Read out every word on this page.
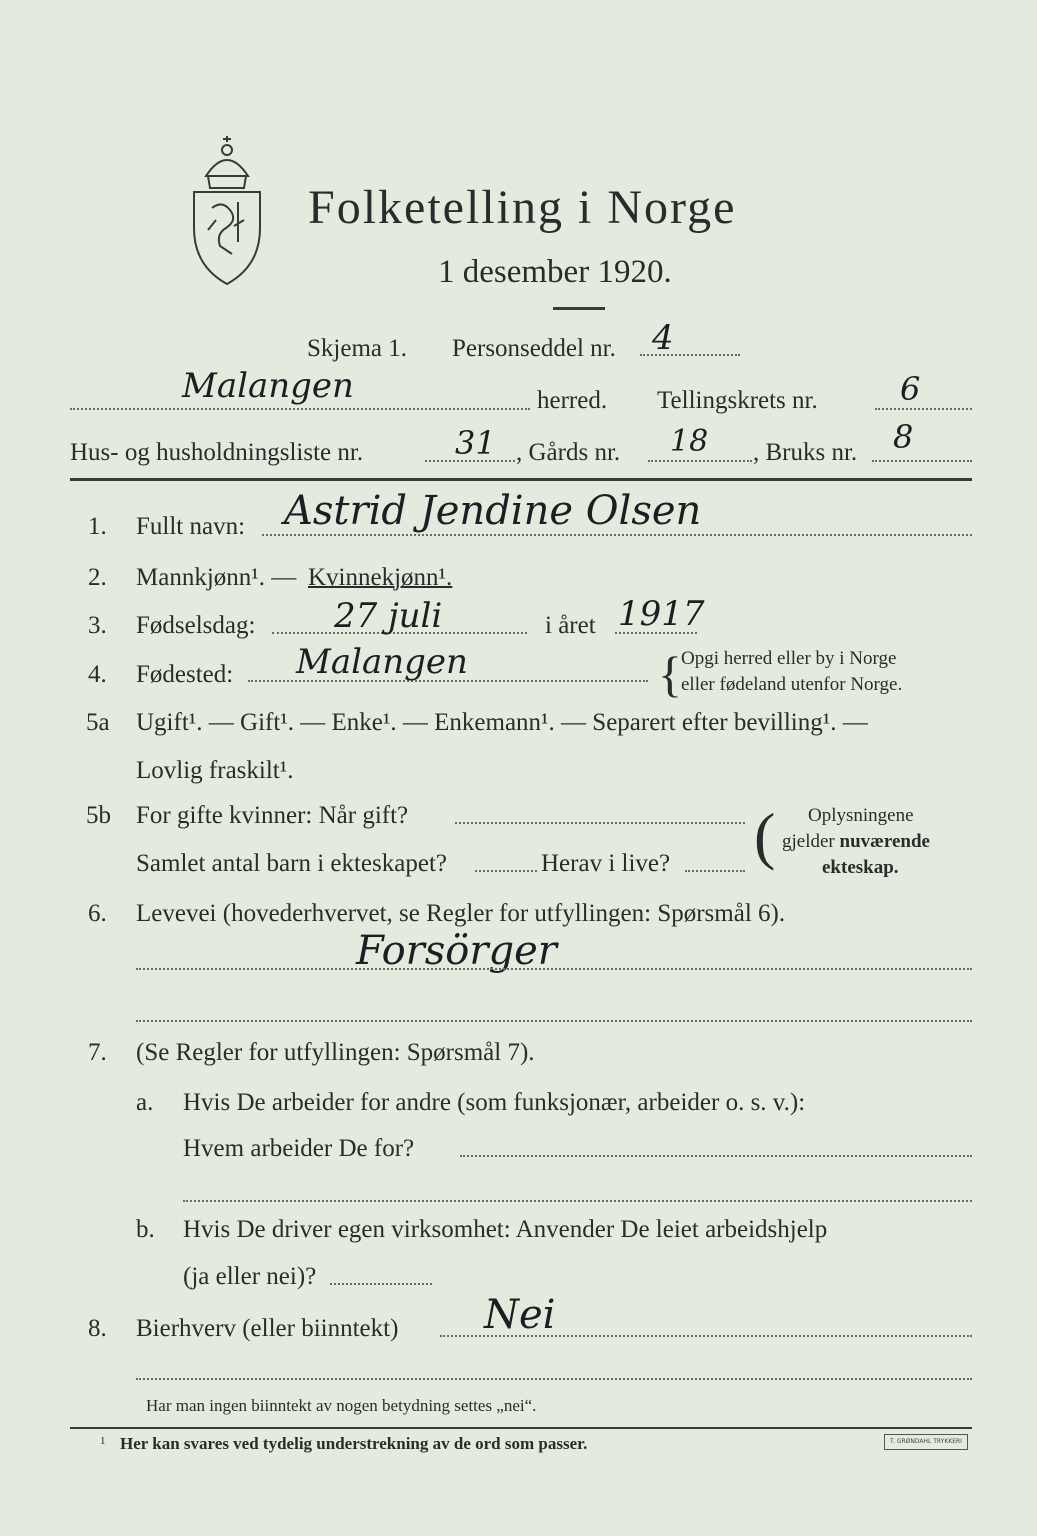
Folketelling i Norge
1 desember 1920.
Skjema 1. Personseddel nr. 4
Malangen	herred. Tellingskrets nr.	6
Hus- og husholdningsliste nr.	31 , Gårds nr. 18 , Bruks nr. 8
1. Fullt navn: Astrid Jendine Olsen
2. Mannkjønn¹. — Kvinnekjønn¹.
3. Fødselsdag: 27 juli	i året 1917
4. Fødested: Malangen	{ Opgi herred eller by i Norge
eller fødeland utenfor Norge.
5a Ugift¹. — Gift¹. — Enke¹. — Enkemann¹. — Separert efter bevilling¹. —
Lovlig fraskilt¹.
5b For gifte kvinner: Når gift?
Samlet antal barn i ekteskapet?	Herav i live? ( Oplysningene
gjelder nuværende
ekteskap.
6. Levevei (hovederhvervet, se Regler for utfyllingen: Spørsmål 6).
Forsörger
7. (Se Regler for utfyllingen: Spørsmål 7).
a. Hvis De arbeider for andre (som funksjonær, arbeider o. s. v.):
Hvem arbeider De for?
b. Hvis De driver egen virksomhet: Anvender De leiet arbeidshjelp
(ja eller nei)?
8. Bierhverv (eller biinntekt) Nei
Har man ingen biinntekt av nogen betydning settes „nei“.
1 Her kan svares ved tydelig understrekning av de ord som passer.	T. GRØNDAHL TRYKKERI
